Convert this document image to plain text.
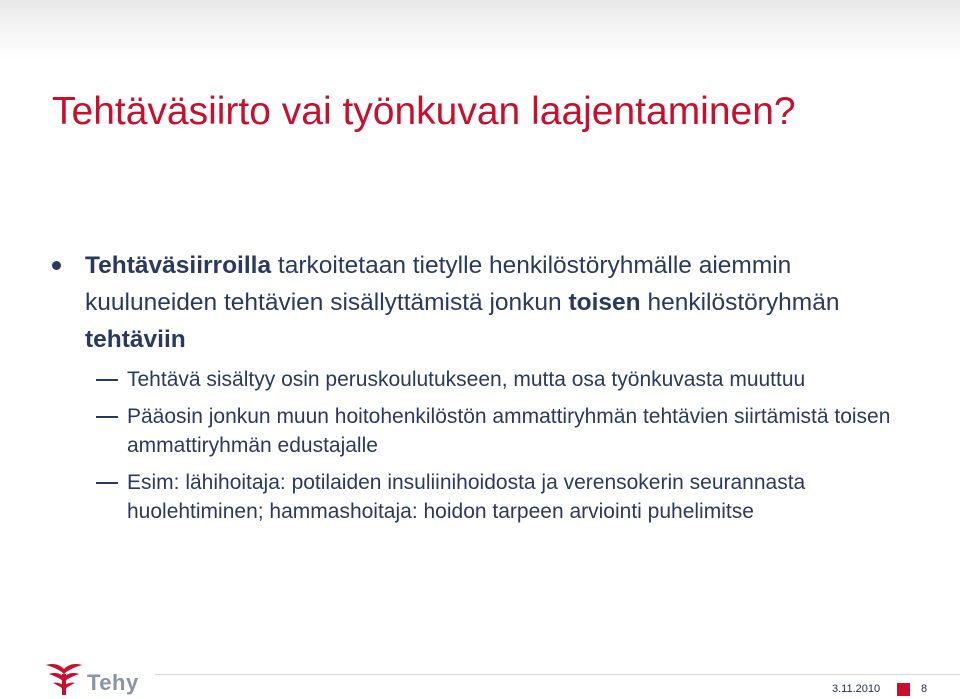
Tehtäväsiirto vai työnkuvan laajentaminen?
Tehtäväsiirroilla tarkoitetaan tietylle henkilöstöryhmälle aiemmin kuuluneiden tehtävien sisällyttämistä jonkun toisen henkilöstöryhmän tehtäviin
Tehtävä sisältyy osin peruskoulutukseen, mutta osa työnkuvasta muuttuu
Pääosin jonkun muun hoitohenkilöstön ammattiryhmän tehtävien siirtämistä toisen ammattiryhmän edustajalle
Esim: lähihoitaja: potilaiden insuliinihoidosta ja verensokerin seurannasta huolehtiminen; hammashoitaja: hoidon tarpeen arviointi puhelimitse
Tehy	3.11.2010	8
